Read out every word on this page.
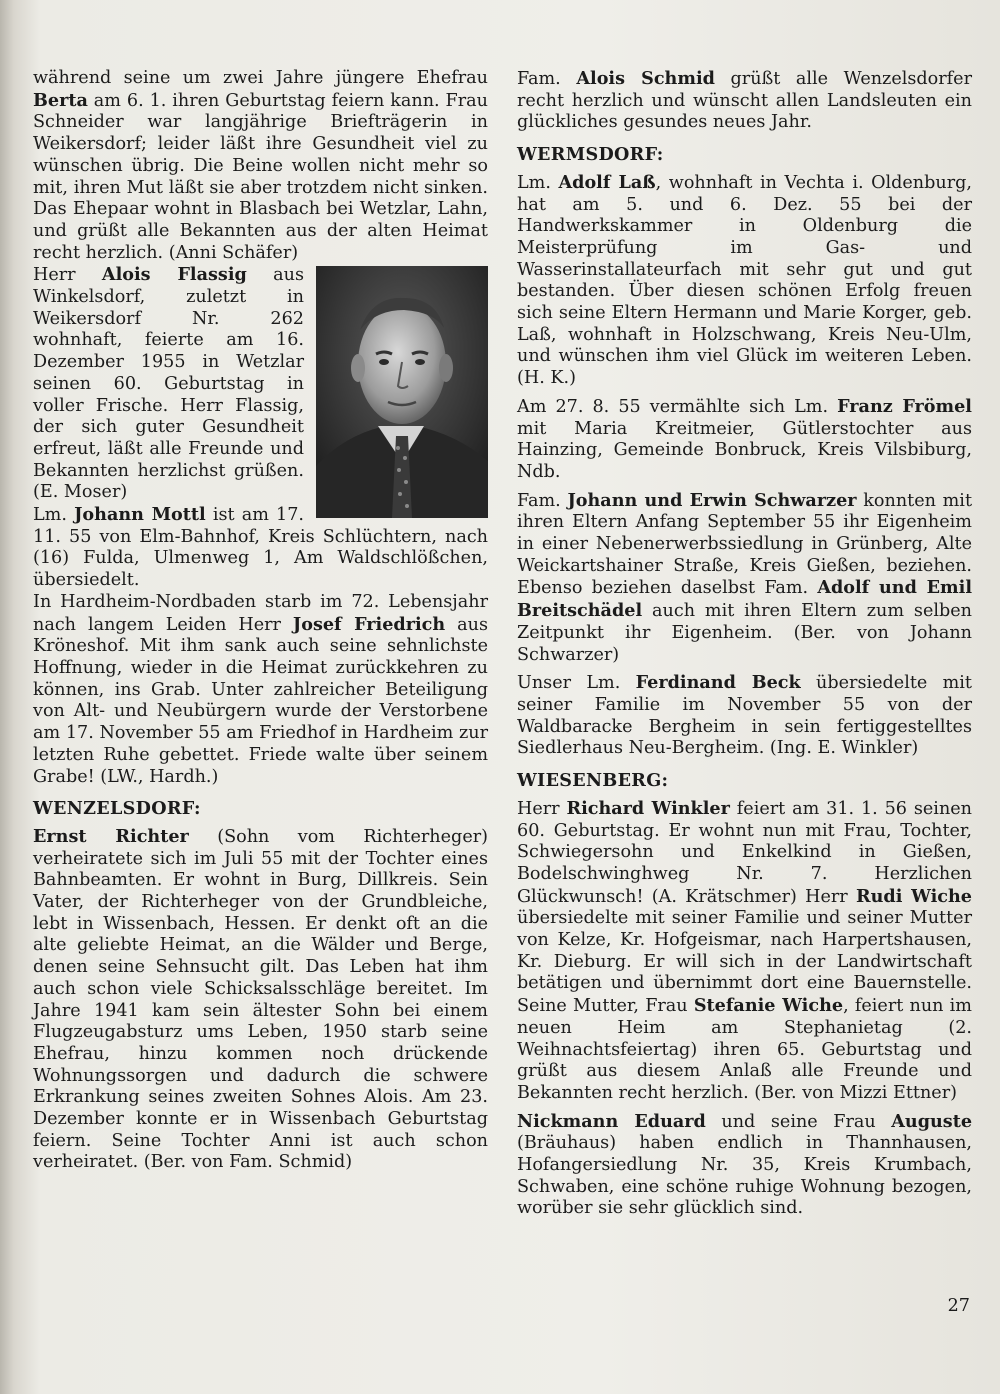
während seine um zwei Jahre jüngere Ehefrau Berta am 6. 1. ihren Geburtstag feiern kann. Frau Schneider war langjährige Briefträgerin in Weikersdorf; leider läßt ihre Gesundheit viel zu wünschen übrig. Die Beine wollen nicht mehr so mit, ihren Mut läßt sie aber trotzdem nicht sinken. Das Ehepaar wohnt in Blasbach bei Wetzlar, Lahn, und grüßt alle Bekannten aus der alten Heimat recht herzlich. (Anni Schäfer)

Herr Alois Flassig aus Winkelsdorf, zuletzt in Weikersdorf Nr. 262 wohnhaft, feierte am 16. Dezember 1955 in Wetzlar seinen 60. Geburtstag in voller Frische. Herr Flassig, der sich guter Gesundheit erfreut, läßt alle Freunde und Bekannten herzlichst grüßen. (E. Moser)

Lm. Johann Mottl ist am 17. 11. 55 von Elm-Bahnhof, Kreis Schlüchtern, nach (16) Fulda, Ulmenweg 1, Am Waldschlößchen, übersiedelt.

In Hardheim-Nordbaden starb im 72. Lebensjahr nach langem Leiden Herr Josef Friedrich aus Kröneshof. Mit ihm sank auch seine sehnlichste Hoffnung, wieder in die Heimat zurückkehren zu können, ins Grab. Unter zahlreicher Beteiligung von Alt- und Neubürgern wurde der Verstorbene am 17. November 55 am Friedhof in Hardheim zur letzten Ruhe gebettet. Friede walte über seinem Grabe! (LW., Hardh.)

WENZELSDORF:

Ernst Richter (Sohn vom Richterheger) verheiratete sich im Juli 55 mit der Tochter eines Bahnbeamten. Er wohnt in Burg, Dillkreis. Sein Vater, der Richterheger von der Grundbleiche, lebt in Wissenbach, Hessen. Er denkt oft an die alte geliebte Heimat, an die Wälder und Berge, denen seine Sehnsucht gilt. Das Leben hat ihm auch schon viele Schicksalsschläge bereitet. Im Jahre 1941 kam sein ältester Sohn bei einem Flugzeugabsturz ums Leben, 1950 starb seine Ehefrau, hinzu kommen noch drückende Wohnungssorgen und dadurch die schwere Erkrankung seines zweiten Sohnes Alois. Am 23. Dezember konnte er in Wissenbach Geburtstag feiern. Seine Tochter Anni ist auch schon verheiratet. (Ber. von Fam. Schmid)

Fam. Alois Schmid grüßt alle Wenzelsdorfer recht herzlich und wünscht allen Landsleuten ein glückliches gesundes neues Jahr.

WERMSDORF:

Lm. Adolf Laß, wohnhaft in Vechta i. Oldenburg, hat am 5. und 6. Dez. 55 bei der Handwerkskammer in Oldenburg die Meisterprüfung im Gas- und Wasserinstallateurfach mit sehr gut und gut bestanden. Über diesen schönen Erfolg freuen sich seine Eltern Hermann und Marie Korger, geb. Laß, wohnhaft in Holzschwang, Kreis Neu-Ulm, und wünschen ihm viel Glück im weiteren Leben. (H. K.)

Am 27. 8. 55 vermählte sich Lm. Franz Frömel mit Maria Kreitmeier, Gütlerstochter aus Hainzing, Gemeinde Bonbruck, Kreis Vilsbiburg, Ndb.

Fam. Johann und Erwin Schwarzer konnten mit ihren Eltern Anfang September 55 ihr Eigenheim in einer Nebenerwerbssiedlung in Grünberg, Alte Weickartshainer Straße, Kreis Gießen, beziehen. Ebenso beziehen daselbst Fam. Adolf und Emil Breitschädel auch mit ihren Eltern zum selben Zeitpunkt ihr Eigenheim. (Ber. von Johann Schwarzer)

Unser Lm. Ferdinand Beck übersiedelte mit seiner Familie im November 55 von der Waldbaracke Bergheim in sein fertiggestelltes Siedlerhaus Neu-Bergheim. (Ing. E. Winkler)

WIESENBERG:

Herr Richard Winkler feiert am 31. 1. 56 seinen 60. Geburtstag. Er wohnt nun mit Frau, Tochter, Schwiegersohn und Enkelkind in Gießen, Bodelschwinghweg Nr. 7. Herzlichen Glückwunsch! (A. Krätschmer) Herr Rudi Wiche übersiedelte mit seiner Familie und seiner Mutter von Kelze, Kr. Hofgeismar, nach Harpertshausen, Kr. Dieburg. Er will sich in der Landwirtschaft betätigen und übernimmt dort eine Bauernstelle. Seine Mutter, Frau Stefanie Wiche, feiert nun im neuen Heim am Stephanietag (2. Weihnachtsfeiertag) ihren 65. Geburtstag und grüßt aus diesem Anlaß alle Freunde und Bekannten recht herzlich. (Ber. von Mizzi Ettner)

Nickmann Eduard und seine Frau Auguste (Bräuhaus) haben endlich in Thannhausen, Hofangersiedlung Nr. 35, Kreis Krumbach, Schwaben, eine schöne ruhige Wohnung bezogen, worüber sie sehr glücklich sind.

27
